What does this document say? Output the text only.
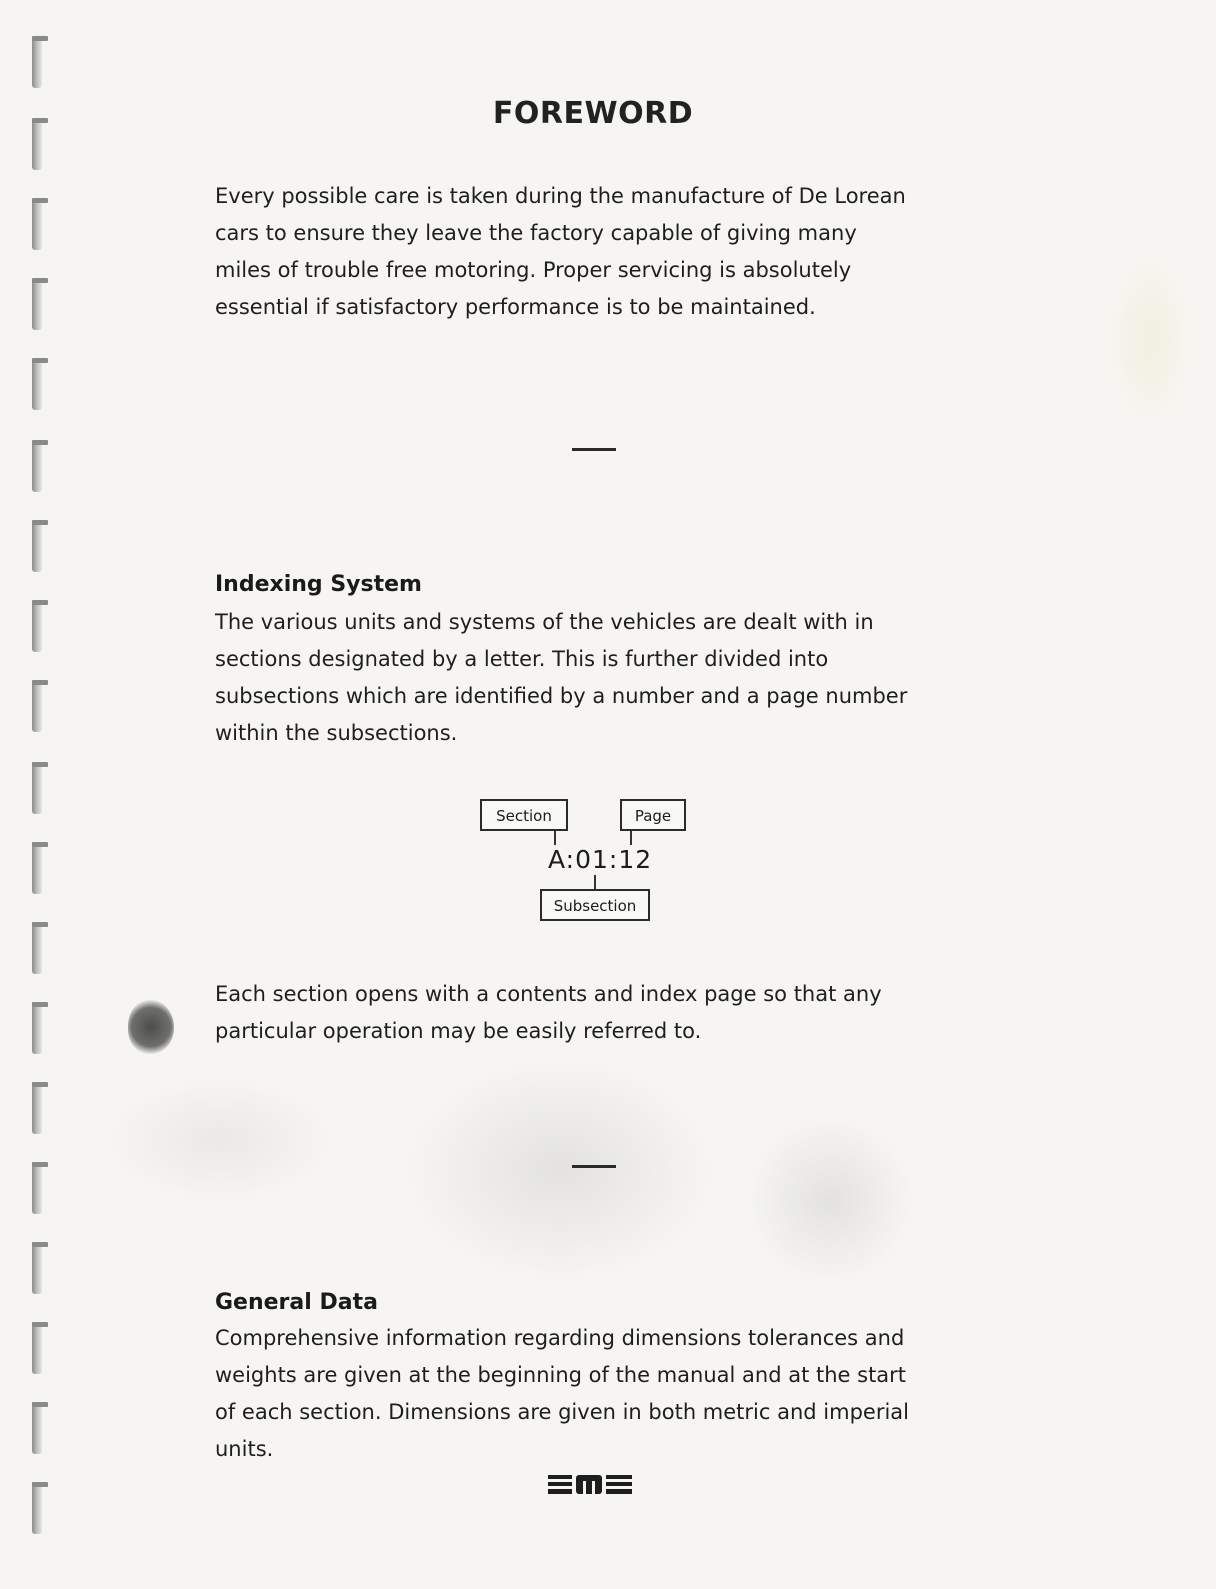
FOREWORD
Every possible care is taken during the manufacture of De Lorean
cars to ensure they leave the factory capable of giving many
miles of trouble free motoring. Proper servicing is absolutely
essential if satisfactory performance is to be maintained.
Indexing System
The various units and systems of the vehicles are dealt with in
sections designated by a letter. This is further divided into
subsections which are identified by a number and a page number
within the subsections.
Section	Page
A:01:12
Subsection
Each section opens with a contents and index page so that any
particular operation may be easily referred to.
General Data
Comprehensive information regarding dimensions tolerances and
weights are given at the beginning of the manual and at the start
of each section. Dimensions are given in both metric and imperial
units.
